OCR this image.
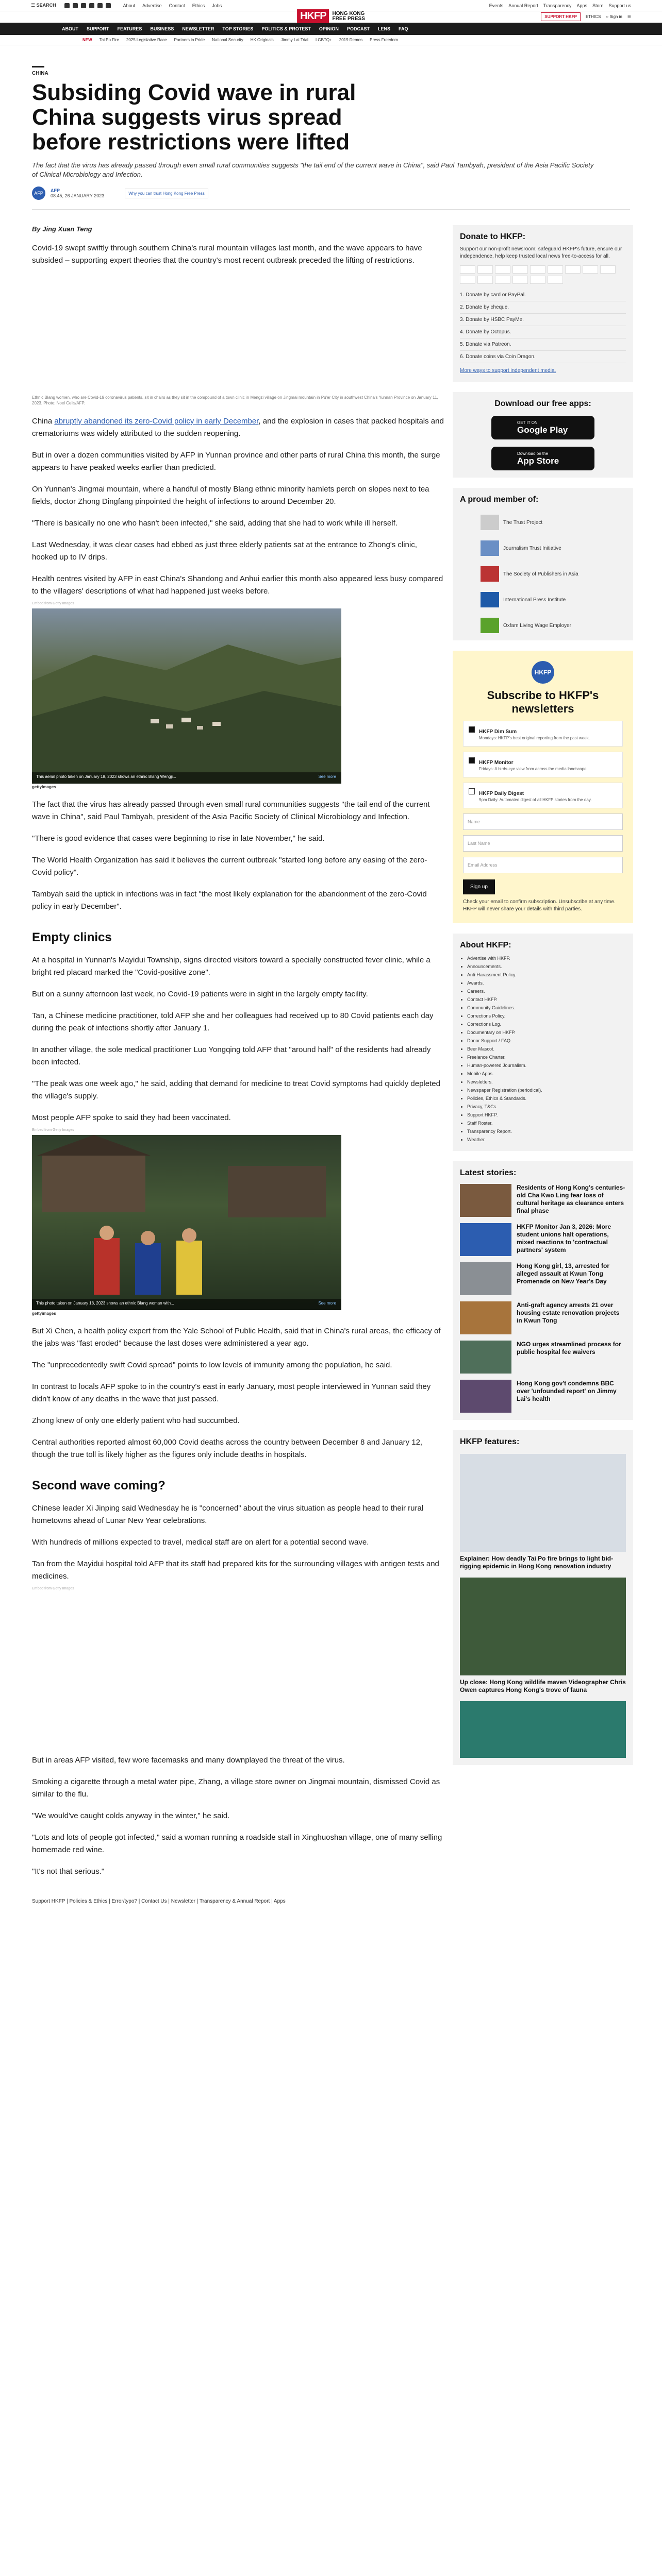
☰ SEARCH	About Advertise Contact Ethics Jobs	Events Annual Report Transparency Apps Store Support us
HKFP	HONG KONG
FREE PRESS	SUPPORT HKFP	ETHICS ○ Sign in ☰
ABOUT SUPPORT FEATURES BUSINESS NEWSLETTER TOP STORIES POLITICS & PROTEST OPINION PODCAST LENS FAQ
NEW Tai Po Fire 2025 Legislative Race Partners in Pride National Security HK Originals Jimmy Lai Trial LGBTQ+ 2019 Demos Press Freedom
CHINA
Subsiding Covid wave in rural China suggests virus spread before restrictions were lifted
The fact that the virus has already passed through even small rural communities suggests "the tail end of the current wave in China", said Paul Tambyah, president of the Asia Pacific Society of Clinical Microbiology and Infection.
AFP	AFP
08:45, 26 JANUARY 2023	Why you can trust Hong Kong Free Press
By Jing Xuan Teng

Covid-19 swept swiftly through southern China's rural mountain villages last month, and the wave appears to have subsided – supporting expert theories that the country's most recent outbreak preceded the lifting of restrictions.

Ethnic Blang women, who are Covid-19 coronavirus patients, sit in chairs as they sit in the compound of a town clinic in Mengzi village on Jingmai mountain in Pu'er City in southwest China's Yunnan Province on January 11, 2023. Photo: Noel Celis/AFP.

China abruptly abandoned its zero-Covid policy in early December, and the explosion in cases that packed hospitals and crematoriums was widely attributed to the sudden reopening.

But in over a dozen communities visited by AFP in Yunnan province and other parts of rural China this month, the surge appears to have peaked weeks earlier than predicted.

On Yunnan's Jingmai mountain, where a handful of mostly Blang ethnic minority hamlets perch on slopes next to tea fields, doctor Zhong Dingfang pinpointed the height of infections to around December 20.

"There is basically no one who hasn't been infected," she said, adding that she had to work while ill herself.

Last Wednesday, it was clear cases had ebbed as just three elderly patients sat at the entrance to Zhong's clinic, hooked up to IV drips.

Health centres visited by AFP in east China's Shandong and Anhui earlier this month also appeared less busy compared to the villagers' descriptions of what had happened just weeks before.

Embed from Getty Images
This aerial photo taken on January 18, 2023 shows an ethnic Blang Wengji...	See more
gettyimages

The fact that the virus has already passed through even small rural communities suggests "the tail end of the current wave in China", said Paul Tambyah, president of the Asia Pacific Society of Clinical Microbiology and Infection.

"There is good evidence that cases were beginning to rise in late November," he said.

The World Health Organization has said it believes the current outbreak "started long before any easing of the zero-Covid policy".

Tambyah said the uptick in infections was in fact "the most likely explanation for the abandonment of the zero-Covid policy in early December".

Empty clinics

At a hospital in Yunnan's Mayidui Township, signs directed visitors toward a specially constructed fever clinic, while a bright red placard marked the "Covid-positive zone".

But on a sunny afternoon last week, no Covid-19 patients were in sight in the largely empty facility.

Tan, a Chinese medicine practitioner, told AFP she and her colleagues had received up to 80 Covid patients each day during the peak of infections shortly after January 1.

In another village, the sole medical practitioner Luo Yongqing told AFP that "around half" of the residents had already been infected.

"The peak was one week ago," he said, adding that demand for medicine to treat Covid symptoms had quickly depleted the village's supply.

Most people AFP spoke to said they had been vaccinated.

Embed from Getty Images
This photo taken on January 18, 2023 shows an ethnic Blang woman with...	See more
gettyimages

But Xi Chen, a health policy expert from the Yale School of Public Health, said that in China's rural areas, the efficacy of the jabs was "fast eroded" because the last doses were administered a year ago.

The "unprecedentedly swift Covid spread" points to low levels of immunity among the population, he said.

In contrast to locals AFP spoke to in the country's east in early January, most people interviewed in Yunnan said they didn't know of any deaths in the wave that just passed.

Zhong knew of only one elderly patient who had succumbed.

Central authorities reported almost 60,000 Covid deaths across the country between December 8 and January 12, though the true toll is likely higher as the figures only include deaths in hospitals.

Second wave coming?

Chinese leader Xi Jinping said Wednesday he is "concerned" about the virus situation as people head to their rural hometowns ahead of Lunar New Year celebrations.

With hundreds of millions expected to travel, medical staff are on alert for a potential second wave.

Tan from the Mayidui hospital told AFP that its staff had prepared kits for the surrounding villages with antigen tests and medicines.

Embed from Getty Images

But in areas AFP visited, few wore facemasks and many downplayed the threat of the virus.

Smoking a cigarette through a metal water pipe, Zhang, a village store owner on Jingmai mountain, dismissed Covid as similar to the flu.

"We would've caught colds anyway in the winter," he said.

"Lots and lots of people got infected," said a woman running a roadside stall in Xinghuoshan village, one of many selling homemade red wine.

"It's not that serious."

Support HKFP | Policies & Ethics | Error/typo? | Contact Us | Newsletter | Transparency & Annual Report | Apps
Donate to HKFP:
Support our non-profit newsroom; safeguard HKFP's future, ensure our independence, help keep trusted local news free-to-access for all.
1. Donate by card or PayPal.
2. Donate by cheque.
3. Donate by HSBC PayMe.
4. Donate by Octopus.
5. Donate via Patreon.
6. Donate coins via Coin Dragon.
More ways to support independent media.
Download our free apps:
GET IT ON
Google Play
Download on the
App Store
A proud member of:
The Trust Project
Journalism Trust Initiative
The Society of Publishers in Asia
International Press Institute
Oxfam Living Wage Employer
HKFP
Subscribe to HKFP's newsletters
HKFP Dim Sum
Mondays: HKFP's best original reporting from the past week.
HKFP Monitor
Fridays: A birds-eye view from across the media landscape.
HKFP Daily Digest
9pm Daily: Automated digest of all HKFP stories from the day.
Name
Last Name
Email Address
Sign up
Check your email to confirm subscription. Unsubscribe at any time. HKFP will never share your details with third parties.
About HKFP:
• Advertise with HKFP.
• Announcements.
• Anti-Harassment Policy.
• Awards.
• Careers.
• Contact HKFP.
• Community Guidelines.
• Corrections Policy.
• Corrections Log.
• Documentary on HKFP.
• Donor Support / FAQ.
• Beer Mascot.
• Freelance Charter.
• Human-powered Journalism.
• Mobile Apps.
• Newsletters.
• Newspaper Registration (periodical).
• Policies, Ethics & Standards.
• Privacy, T&Cs.
• Support HKFP.
• Staff Roster.
• Transparency Report.
• Weather.
Latest stories:
Residents of Hong Kong's centuries-old Cha Kwo Ling fear loss of cultural heritage as clearance enters final phase
HKFP Monitor Jan 3, 2026: More student unions halt operations, mixed reactions to 'contractual partners' system
Hong Kong girl, 13, arrested for alleged assault at Kwun Tong Promenade on New Year's Day
Anti-graft agency arrests 21 over housing estate renovation projects in Kwun Tong
NGO urges streamlined process for public hospital fee waivers
Hong Kong gov't condemns BBC over 'unfounded report' on Jimmy Lai's health
HKFP features:
Explainer: How deadly Tai Po fire brings to light bid-rigging epidemic in Hong Kong renovation industry
Up close: Hong Kong wildlife maven Videographer Chris Owen captures Hong Kong's trove of fauna
